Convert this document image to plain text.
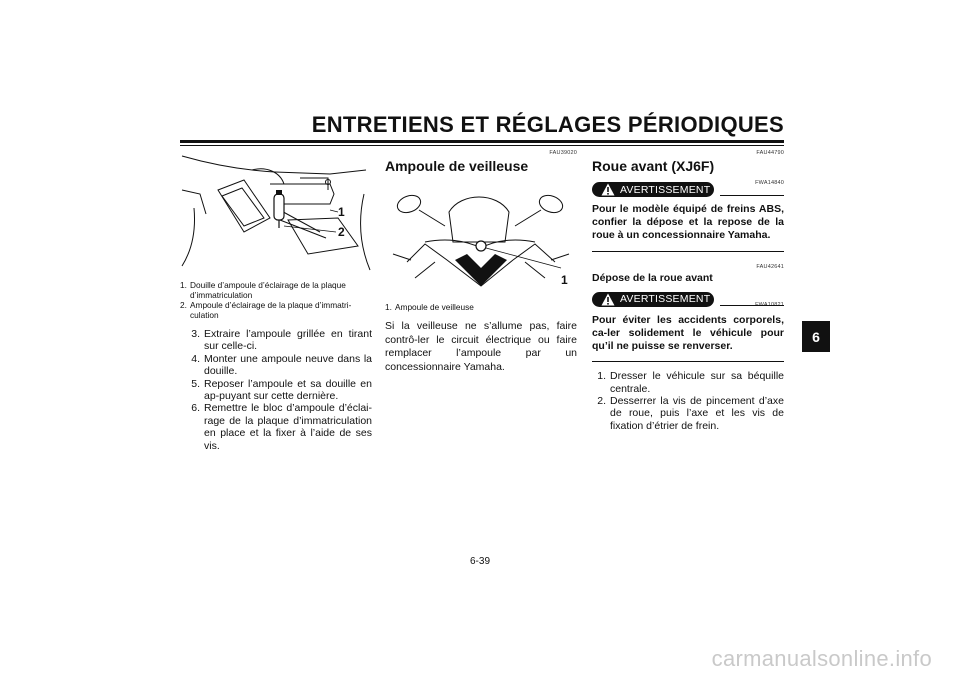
ENTRETIENS ET RÉGLAGES PÉRIODIQUES
1
2
1. Douille d’ampoule d’éclairage de la plaque
d’immatriculation
2. Ampoule d’éclairage de la plaque d’immatri-
culation
3. Extraire l’ampoule grillée en tirant sur celle-ci.
4. Monter une ampoule neuve dans la douille.
5. Reposer l’ampoule et sa douille en ap-puyant sur cette dernière.
6. Remettre le bloc d’ampoule d’éclai-rage de la plaque d’immatriculation en place et la fixer à l’aide de ses vis.
FAU39020
Ampoule de veilleuse
1
1. Ampoule de veilleuse

Si la veilleuse ne s’allume pas, faire contrô-ler le circuit électrique ou faire remplacer l’ampoule par un concessionnaire Yamaha.

FAU44790
Roue avant (XJ6F)
AVERTISSEMENT
FWA14840

Pour le modèle équipé de freins ABS, confier la dépose et la repose de la roue à un concessionnaire Yamaha.

FAU42641
Dépose de la roue avant
AVERTISSEMENT

Pour éviter les accidents corporels, ca-ler solidement le véhicule pour qu’il ne puisse se renverser.

1. Dresser le véhicule sur sa béquille centrale.
2. Desserrer la vis de pincement d’axe de roue, puis l’axe et les vis de fixation d’étrier de frein.
6
6-39
carmanualsonline.info
